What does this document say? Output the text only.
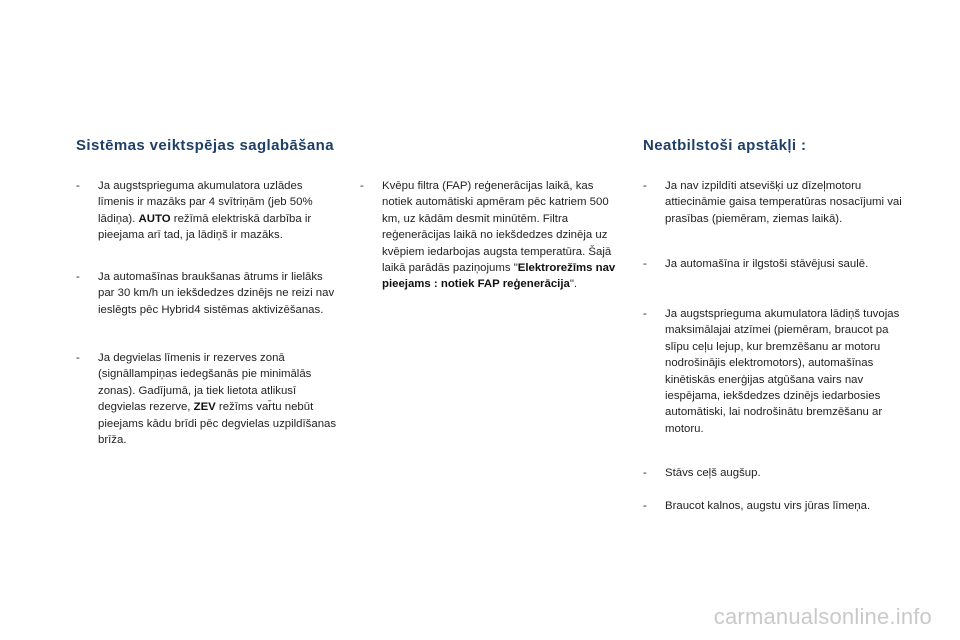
Sistēmas veiktspējas saglabāšana
-	Ja augstsprieguma akumulatora uzlādes līmenis ir mazāks par 4 svītriņām (jeb 50% lādiņa). AUTO režīmā elektriskā darbība ir pieejama arī tad, ja lādiņš ir mazāks.
-	Ja automašīnas braukšanas ātrums ir lielāks par 30 km/h un iekšdedzes dzinējs ne reizi nav ieslēgts pēc Hybrid4 sistēmas aktivizēšanas.
-	Ja degvielas līmenis ir rezerves zonā (signāllampiņas iedegšanās pie minimālās zonas). Gadījumā, ja tiek lietota atlikusī degvielas rezerve, ZEV režīms var̄tu nebūt pieejams kādu brīdi pēc degvielas uzpildīšanas brīža.
-	Kvēpu filtra (FAP) reģenerācijas laikā, kas notiek automātiski apmēram pēc katriem 500 km, uz kādām desmit minūtēm. Filtra reģenerācijas laikā no iekšdedzes dzinēja uz kvēpiem iedarbojas augsta temperatūra. Šajā laikā parādās paziņojums "Elektrorežīms nav pieejams : notiek FAP reģenerācija".
Neatbilstoši apstākļi :
-	Ja nav izpildīti atsevišķi uz dīzeļmotoru attiecināmie gaisa temperatūras nosacījumi vai prasības (piemēram, ziemas laikā).
-	Ja automašīna ir ilgstoši stāvējusi saulē.
-	Ja augstsprieguma akumulatora lādiņš tuvojas maksimālajai atzīmei (piemēram, braucot pa slīpu ceļu lejup, kur bremzēšanu ar motoru nodrošinājis elektromotors), automašīnas kinētiskās enerģijas atgūšana vairs nav iespējama, iekšdedzes dzinējs iedarbosies automātiski, lai nodrošinātu bremzēšanu ar motoru.
-	Stāvs ceļš augšup.
-	Braucot kalnos, augstu virs jūras līmeņa.
carmanualsonline.info
